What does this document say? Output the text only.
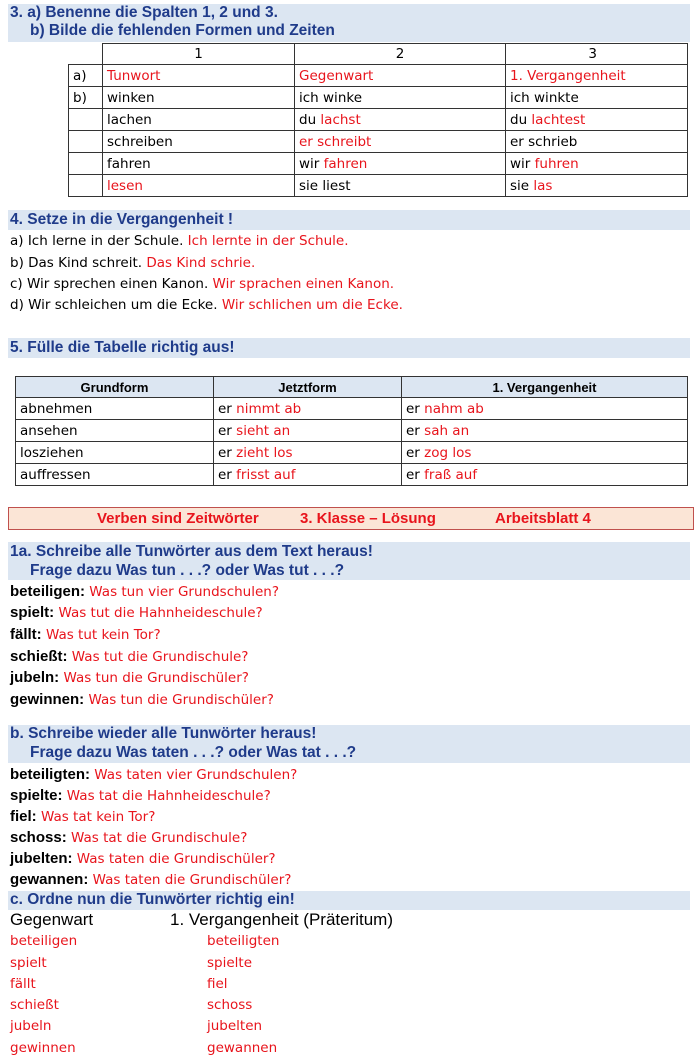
3. a) Benenne die Spalten 1, 2 und 3.
b) Bilde die fehlenden Formen und Zeiten
	1	2	3
a)	Tunwort	Gegenwart	1. Vergangenheit
b)	winken	ich winke	ich winkte
	lachen	du lachst	du lachtest
	schreiben	er schreibt	er schrieb
	fahren	wir fahren	wir fuhren
	lesen	sie liest	sie las
4. Setze in die Vergangenheit !
a) Ich lerne in der Schule. Ich lernte in der Schule.
b) Das Kind schreit. Das Kind schrie.
c) Wir sprechen einen Kanon. Wir sprachen einen Kanon.
d) Wir schleichen um die Ecke. Wir schlichen um die Ecke.
5. Fülle die Tabelle richtig aus!
Grundform	Jetztform	1. Vergangenheit
abnehmen	er nimmt ab	er nahm ab
ansehen	er sieht an	er sah an
losziehen	er zieht los	er zog los
auffressen	er frisst auf	er fraß auf
Verben sind Zeitwörter	3. Klasse – Lösung	Arbeitsblatt 4
1a. Schreibe alle Tunwörter aus dem Text heraus!
Frage dazu Was tun . . .? oder Was tut . . .?
beteiligen: Was tun vier Grundschulen?
spielt: Was tut die Hahnheideschule?
fällt: Was tut kein Tor?
schießt: Was tut die Grundischule?
jubeln: Was tun die Grundischüler?
gewinnen: Was tun die Grundischüler?
b. Schreibe wieder alle Tunwörter heraus!
Frage dazu Was taten . . .? oder Was tat . . .?
beteiligten: Was taten vier Grundschulen?
spielte: Was tat die Hahnheideschule?
fiel: Was tat kein Tor?
schoss: Was tat die Grundischule?
jubelten: Was taten die Grundischüler?
gewannen: Was taten die Grundischüler?
c. Ordne nun die Tunwörter richtig ein!
Gegenwart	1. Vergangenheit (Präteritum)
beteiligen	beteiligten
spielt	spielte
fällt	fiel
schießt	schoss
jubeln	jubelten
gewinnen	gewannen
